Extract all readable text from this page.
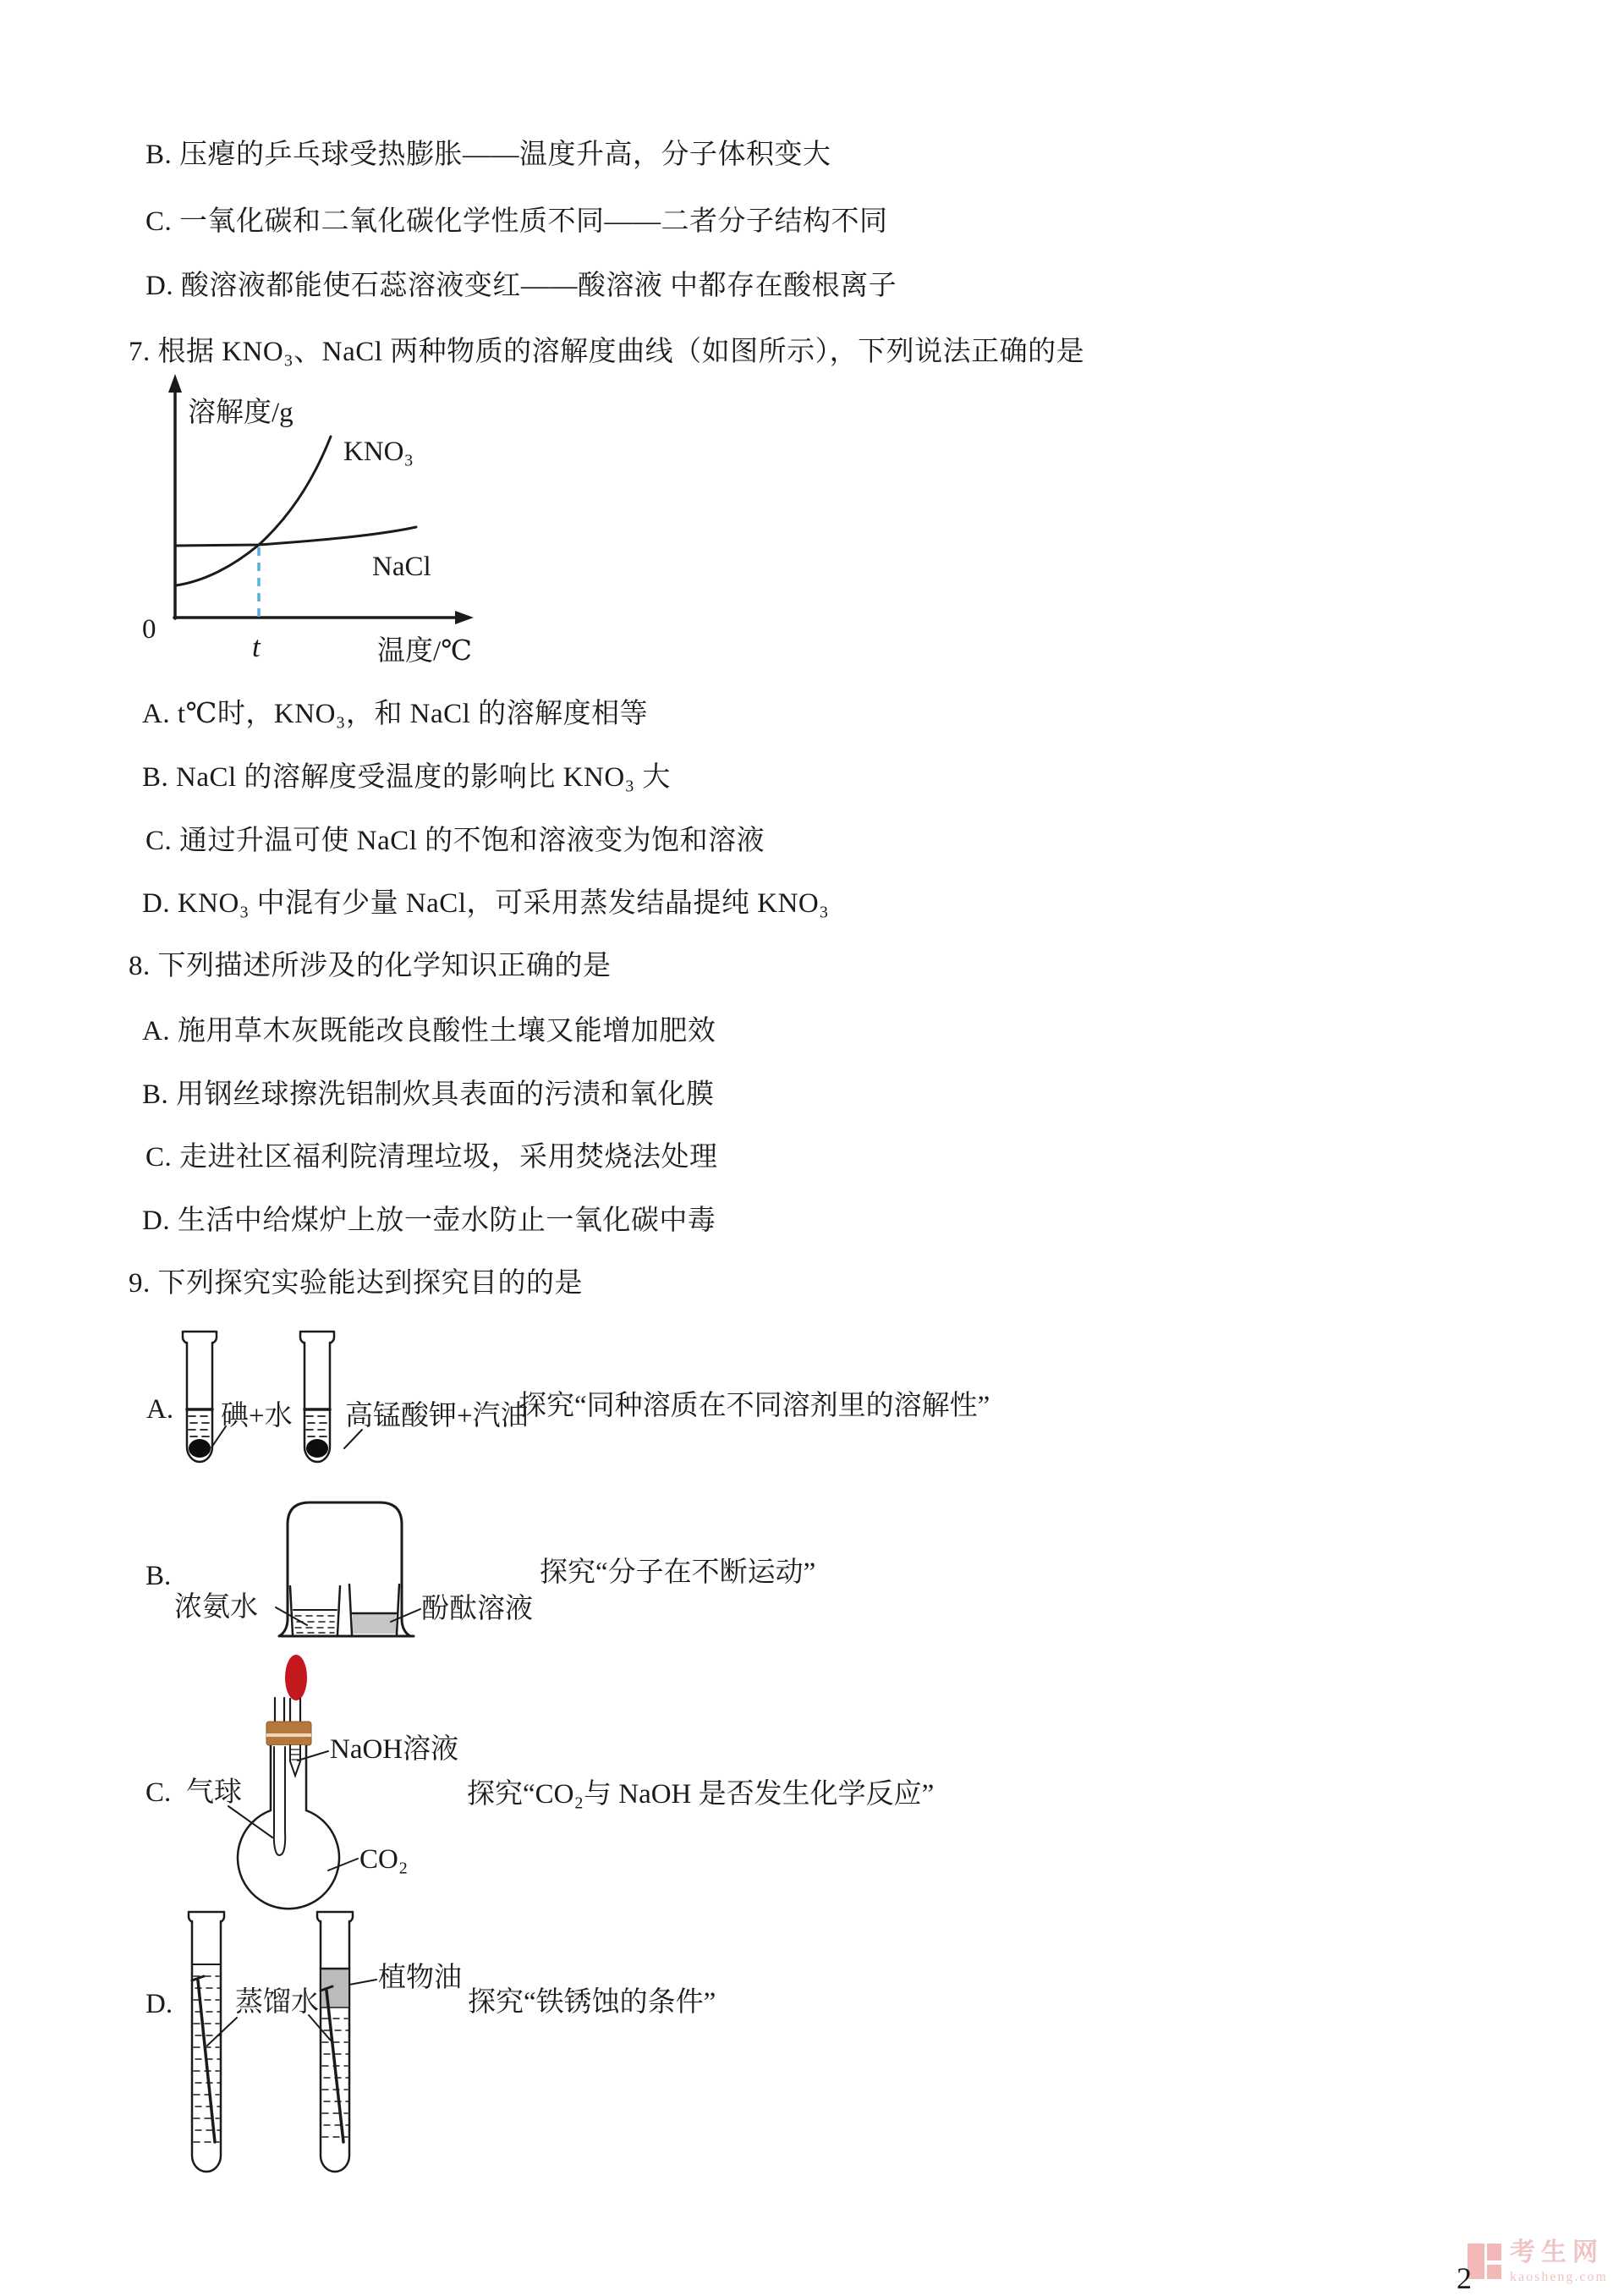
B. 压瘪的乒乓球受热膨胀——温度升高，分子体积变大
C. 一氧化碳和二氧化碳化学性质不同——二者分子结构不同
D. 酸溶液都能使石蕊溶液变红——酸溶液 中都存在酸根离子
7. 根据 KNO₃、NaCl 两种物质的溶解度曲线（如图所示），下列说法正确的是
溶解度/g
KNO₃
NaCl
0
t	温度/℃
A. t℃时，KNO₃，和 NaCl 的溶解度相等
B. NaCl 的溶解度受温度的影响比 KNO₃ 大
C. 通过升温可使 NaCl 的不饱和溶液变为饱和溶液
D. KNO₃ 中混有少量 NaCl，可采用蒸发结晶提纯 KNO₃
8. 下列描述所涉及的化学知识正确的是
A. 施用草木灰既能改良酸性土壤又能增加肥效
B. 用钢丝球擦洗铝制炊具表面的污渍和氧化膜
C. 走进社区福利院清理垃圾，采用焚烧法处理
D. 生活中给煤炉上放一壶水防止一氧化碳中毒
9. 下列探究实验能达到探究目的的是
A. 碘+水 高锰酸钾+汽油
探究“同种溶质在不同溶剂里的溶解性”
B.
浓氨水	酚酞溶液
探究“分子在不断运动”
NaOH溶液
C. 气球
CO₂
探究“CO₂与 NaOH 是否发生化学反应”
D. 蒸馏水
植物油
探究“铁锈蚀的条件”
考生网
kaosheng.com
2
